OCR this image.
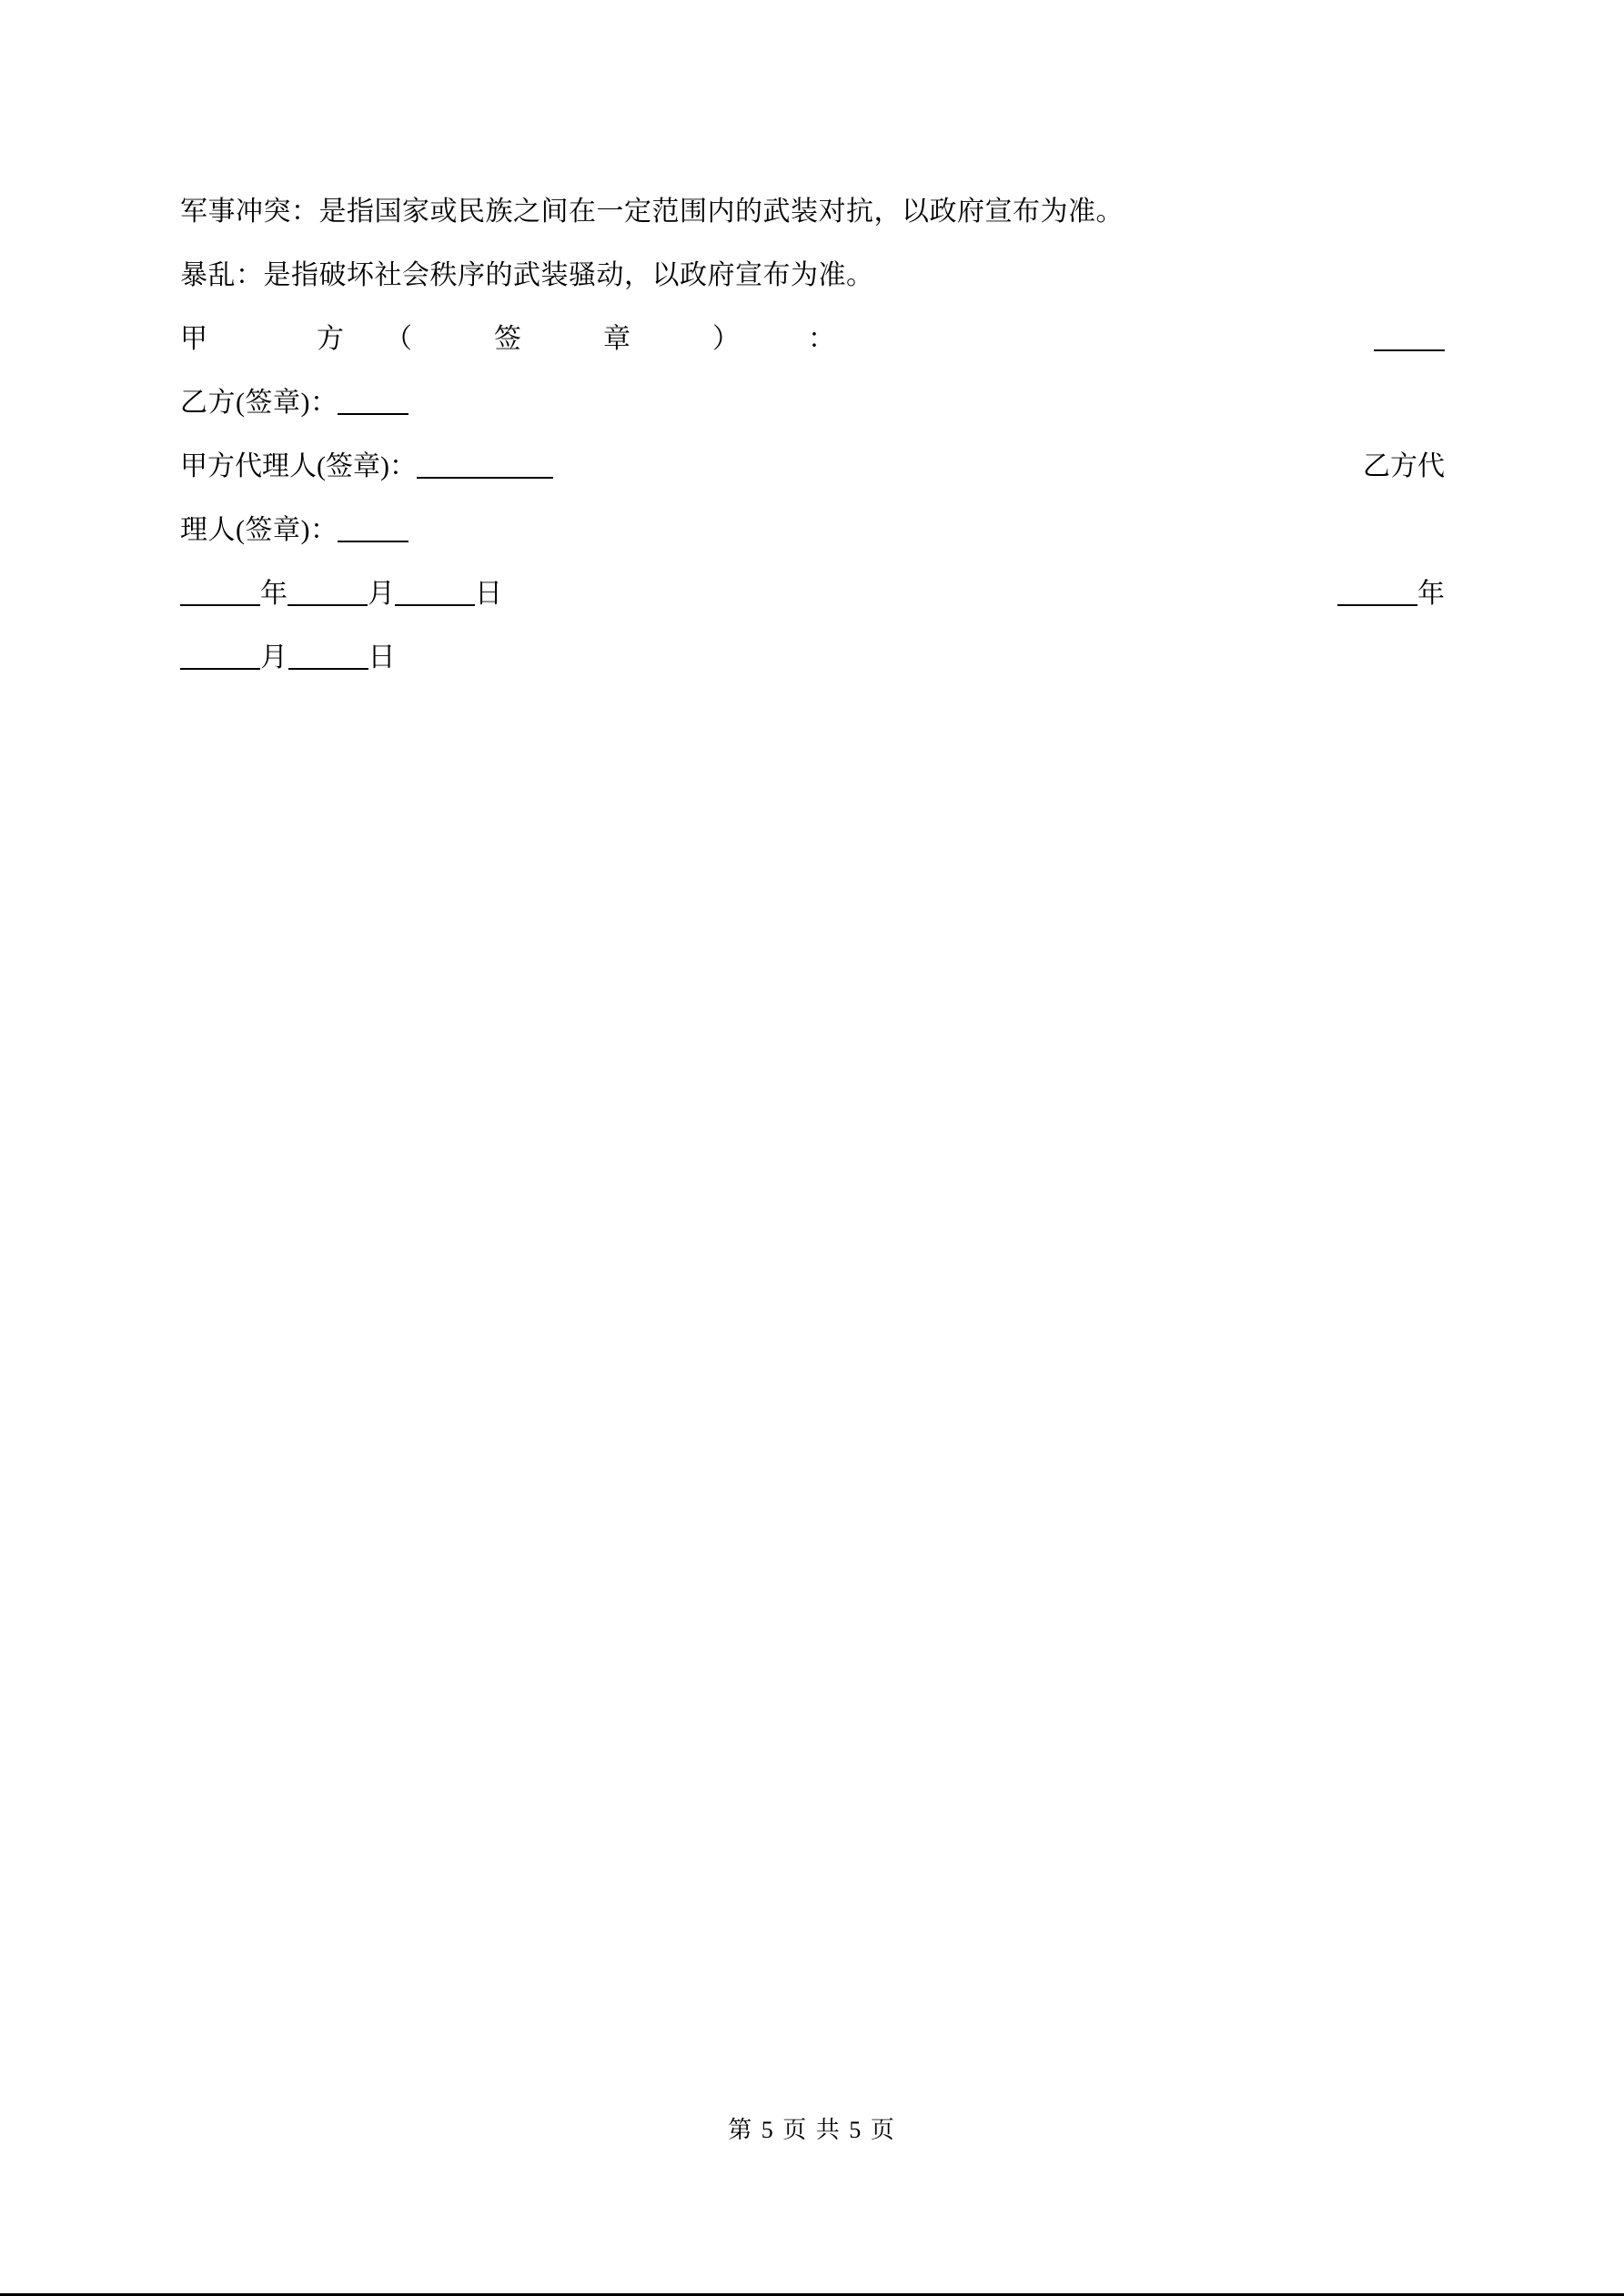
军事冲突：是指国家或民族之间在一定范围内的武装对抗，以政府宣布为准。
暴乱：是指破坏社会秩序的武装骚动，以政府宣布为准。
甲　　　　方　　（　　　签　　　章　　　）　　　：
乙方(签章)：
甲方代理人(签章)：	乙方代
理人(签章)：
年	月	日	年
月	日
第 5 页 共 5 页
